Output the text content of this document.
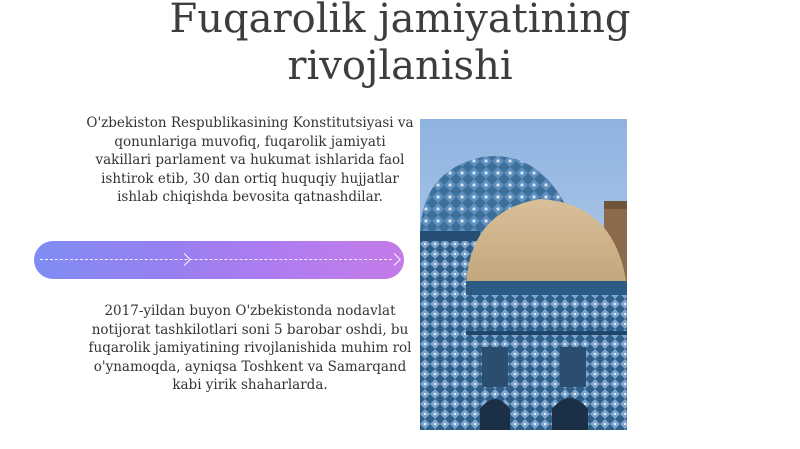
Fuqarolik jamiyatining rivojlanishi

O'zbekiston Respublikasining Konstitutsiyasi va qonunlariga muvofiq, fuqarolik jamiyati vakillari parlament va hukumat ishlarida faol ishtirok etib, 30 dan ortiq huquqiy hujjatlar ishlab chiqishda bevosita qatnashdilar.

2017-yildan buyon O'zbekistonda nodavlat notijorat tashkilotlari soni 5 barobar oshdi, bu fuqarolik jamiyatining rivojlanishida muhim rol o'ynamoqda, ayniqsa Toshkent va Samarqand kabi yirik shaharlarda.
